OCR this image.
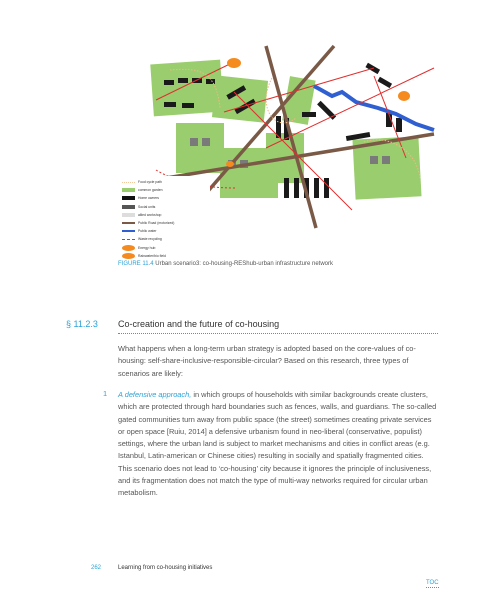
Food cycle path
common garden
Home owners
Social units
allied workshop
Public Road (motorized)
Public water
Waste recycling
Energy hub
Rainwater/bio field
FIGURE 11.4 Urban scenario3: co-housing-REShub-urban infrastructure network
§ 11.2.3 Co-creation and the future of co-housing
What happens when a long-term urban strategy is adopted based on the core-values of co-housing: self-share-inclusive-responsible-circular? Based on this research, three types of scenarios are likely:
1 A defensive approach, in which groups of households with similar backgrounds create clusters, which are protected through hard boundaries such as fences, walls, and guardians. The so-called gated communities turn away from public space (the street) sometimes creating private services or open space [Ruiu, 2014] a defensive urbanism found in neo-liberal (conservative, populist) settings, where the urban land is subject to market mechanisms and cities in conflict areas (e.g. Istanbul, Latin-american or Chinese cities) resulting in socially and spatially fragmented cities. This scenario does not lead to ‘co-housing’ city because it ignores the principle of inclusiveness, and its fragmentation does not match the type of multi-way networks required for circular urban metabolism.
262	Learning from co-housing initiatives
TOC
